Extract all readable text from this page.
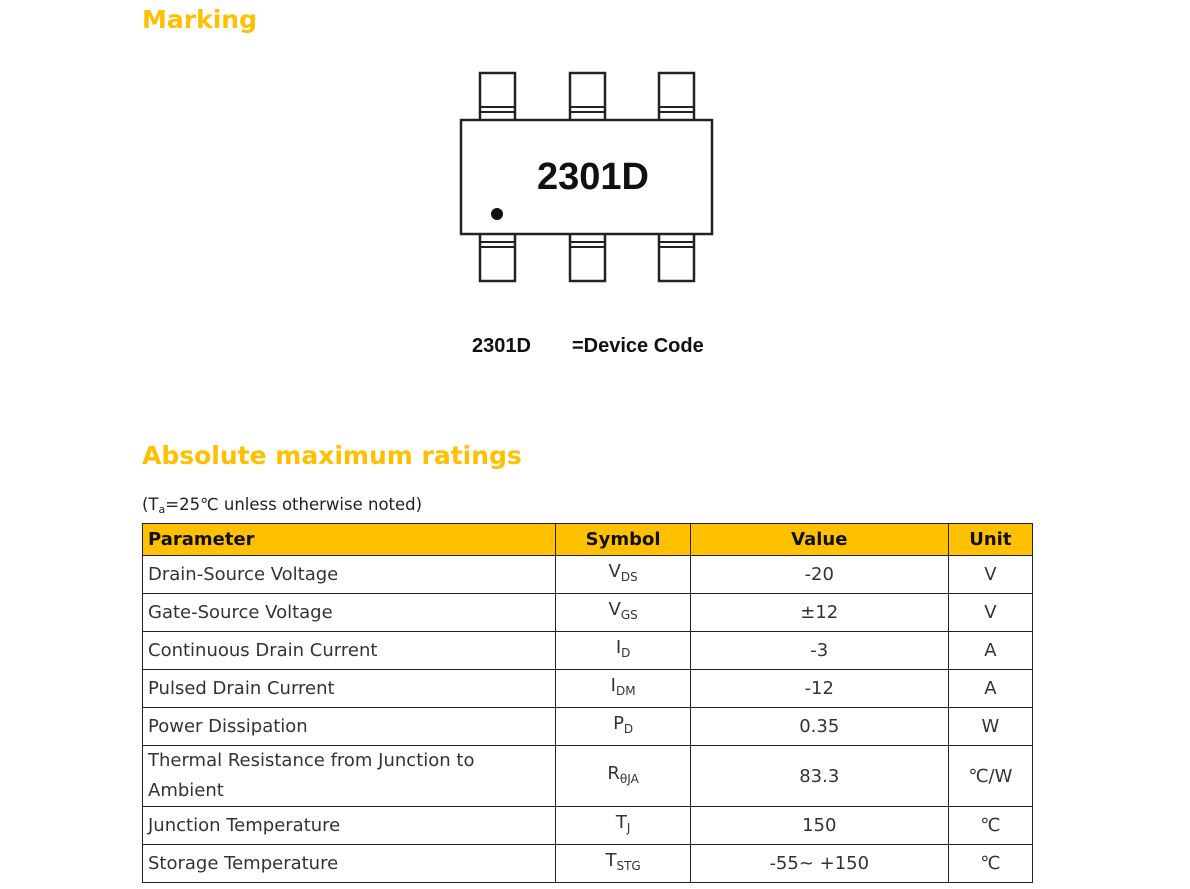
Marking
2301D
2301D =Device Code
Absolute maximum ratings
($T_a=25℃$ unless otherwise noted)
Parameter	Symbol	Value	Unit
Drain-Source Voltage	$V_{DS}$	-20	V
Gate-Source Voltage	$V_{GS}$	±12	V
Continuous Drain Current	$I_D$	-3	A
Pulsed Drain Current	$I_{DM}$	-12	A
Power Dissipation	$P_D$	0.35	W
Thermal Resistance from Junction to
Ambient	$R_{\theta JA}$	83.3	℃/W
Junction Temperature	$T_J$	150	℃
Storage Temperature	$T_{STG}$	-55~ +150	℃
